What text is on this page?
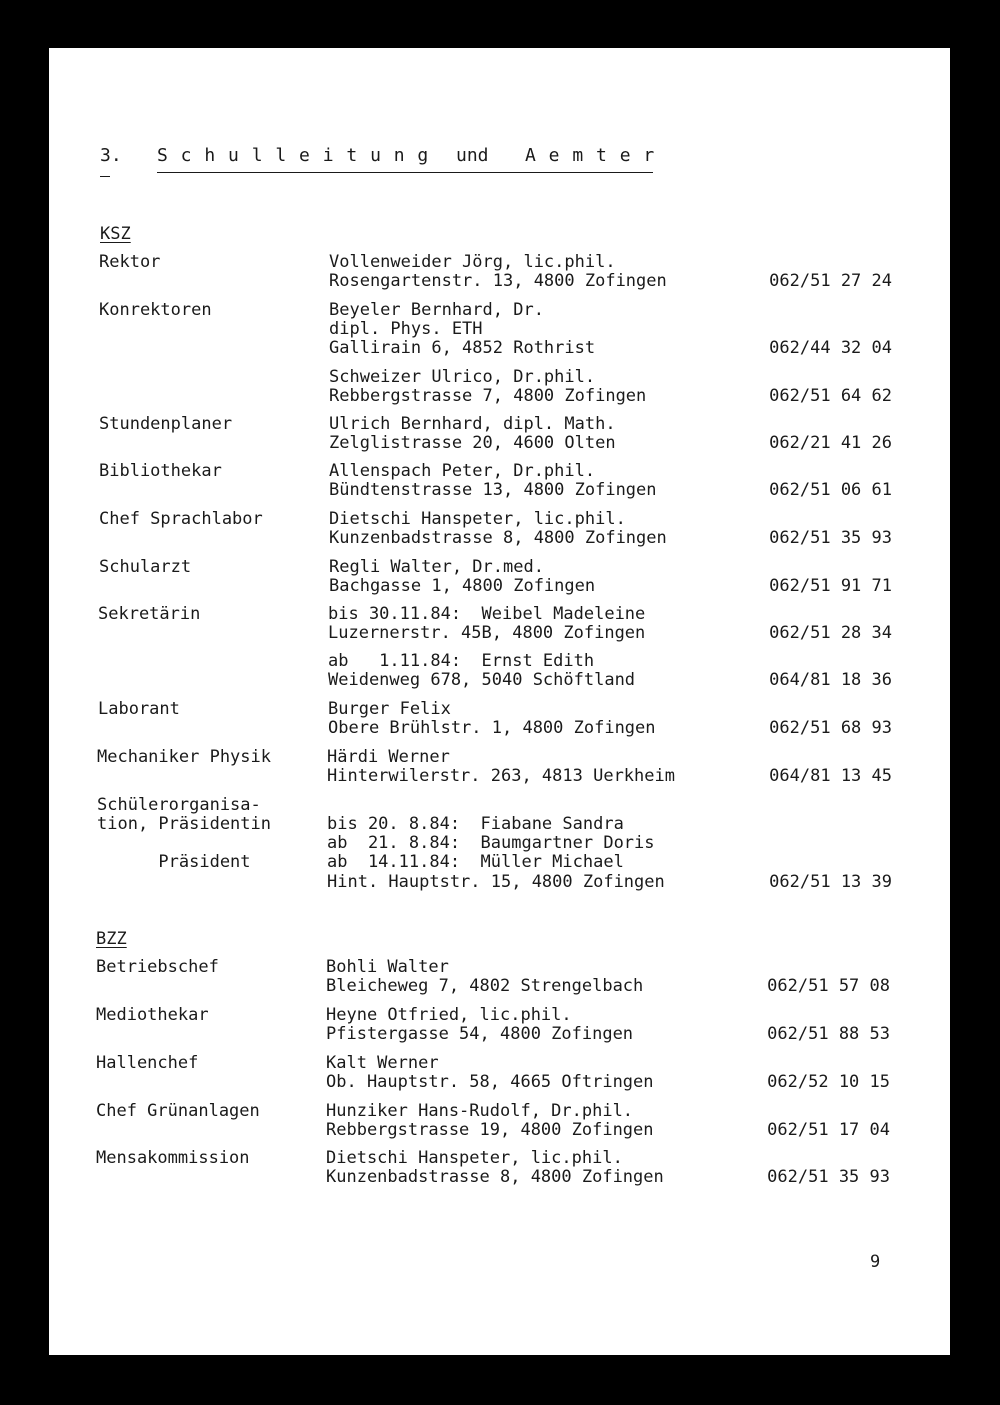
3. S c h u l l e i t u n g und A e m t e r
KSZ
Rektor	Vollenweider Jörg, lic.phil.
Rosengartenstr. 13, 4800 Zofingen	062/51 27 24
Konrektoren	Beyeler Bernhard, Dr.
dipl. Phys. ETH
Gallirain 6, 4852 Rothrist	062/44 32 04
Schweizer Ulrico, Dr.phil.
Rebbergstrasse 7, 4800 Zofingen	062/51 64 62
Stundenplaner	Ulrich Bernhard, dipl. Math.
Zelglistrasse 20, 4600 Olten	062/21 41 26
Bibliothekar	Allenspach Peter, Dr.phil.
Bündtenstrasse 13, 4800 Zofingen	062/51 06 61
Chef Sprachlabor	Dietschi Hanspeter, lic.phil.
Kunzenbadstrasse 8, 4800 Zofingen	062/51 35 93
Schularzt	Regli Walter, Dr.med.
Bachgasse 1, 4800 Zofingen	062/51 91 71
Sekretärin	bis 30.11.84:  Weibel Madeleine
Luzernerstr. 45B, 4800 Zofingen	062/51 28 34
ab   1.11.84:  Ernst Edith
Weidenweg 678, 5040 Schöftland	064/81 18 36
Laborant	Burger Felix
Obere Brühlstr. 1, 4800 Zofingen	062/51 68 93
Mechaniker Physik	Härdi Werner
Hinterwilerstr. 263, 4813 Uerkheim	064/81 13 45
Schülerorganisa-
tion, Präsidentin	bis 20. 8.84:  Fiabane Sandra
ab  21. 8.84:  Baumgartner Doris
Präsident	ab  14.11.84:  Müller Michael
Hint. Hauptstr. 15, 4800 Zofingen	062/51 13 39
BZZ
Betriebschef	Bohli Walter
Bleicheweg 7, 4802 Strengelbach	062/51 57 08
Mediothekar	Heyne Otfried, lic.phil.
Pfistergasse 54, 4800 Zofingen	062/51 88 53
Hallenchef	Kalt Werner
Ob. Hauptstr. 58, 4665 Oftringen	062/52 10 15
Chef Grünanlagen	Hunziker Hans-Rudolf, Dr.phil.
Rebbergstrasse 19, 4800 Zofingen	062/51 17 04
Mensakommission	Dietschi Hanspeter, lic.phil.
Kunzenbadstrasse 8, 4800 Zofingen	062/51 35 93
9
